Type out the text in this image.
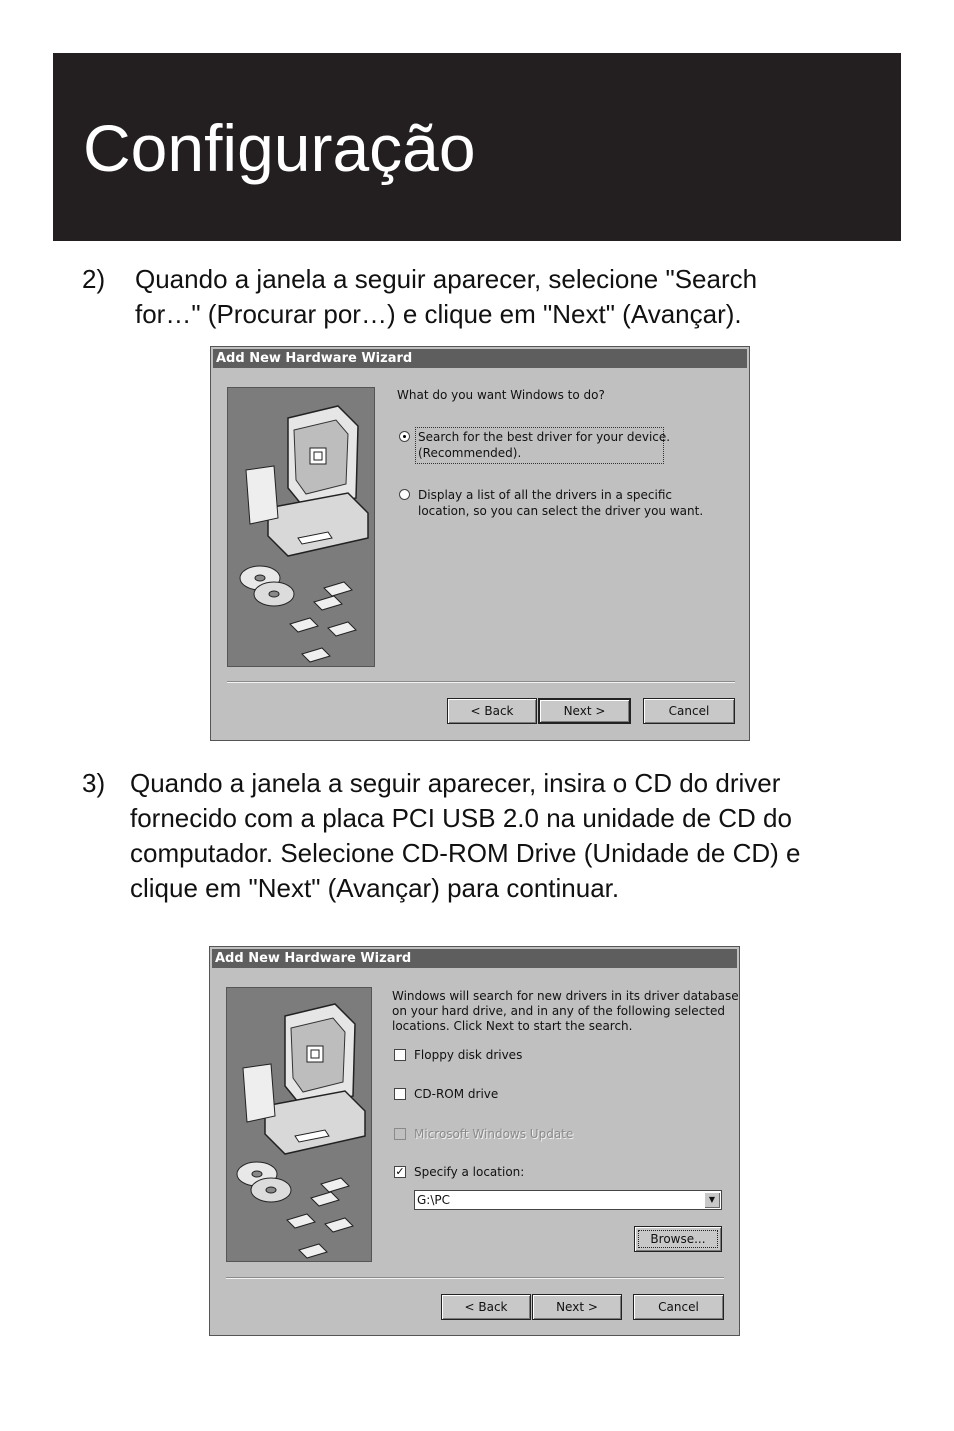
Configuração
2) Quando a janela a seguir aparecer, selecione "Search
for…" (Procurar por…) e clique em "Next" (Avançar).
Add New Hardware Wizard
What do you want Windows to do?
Search for the best driver for your device.
(Recommended).
Display a list of all the drivers in a specific
location, so you can select the driver you want.
< Back	Next >	Cancel
3) Quando a janela a seguir aparecer, insira o CD do driver
fornecido com a placa PCI USB 2.0 na unidade de CD do
computador. Selecione CD-ROM Drive (Unidade de CD) e
clique em "Next" (Avançar) para continuar.
Add New Hardware Wizard
Windows will search for new drivers in its driver database
on your hard drive, and in any of the following selected
locations. Click Next to start the search.
Floppy disk drives
CD-ROM drive
Microsoft Windows Update
✓ Specify a location:
G:\PC	▼
Browse...
< Back	Next >	Cancel
